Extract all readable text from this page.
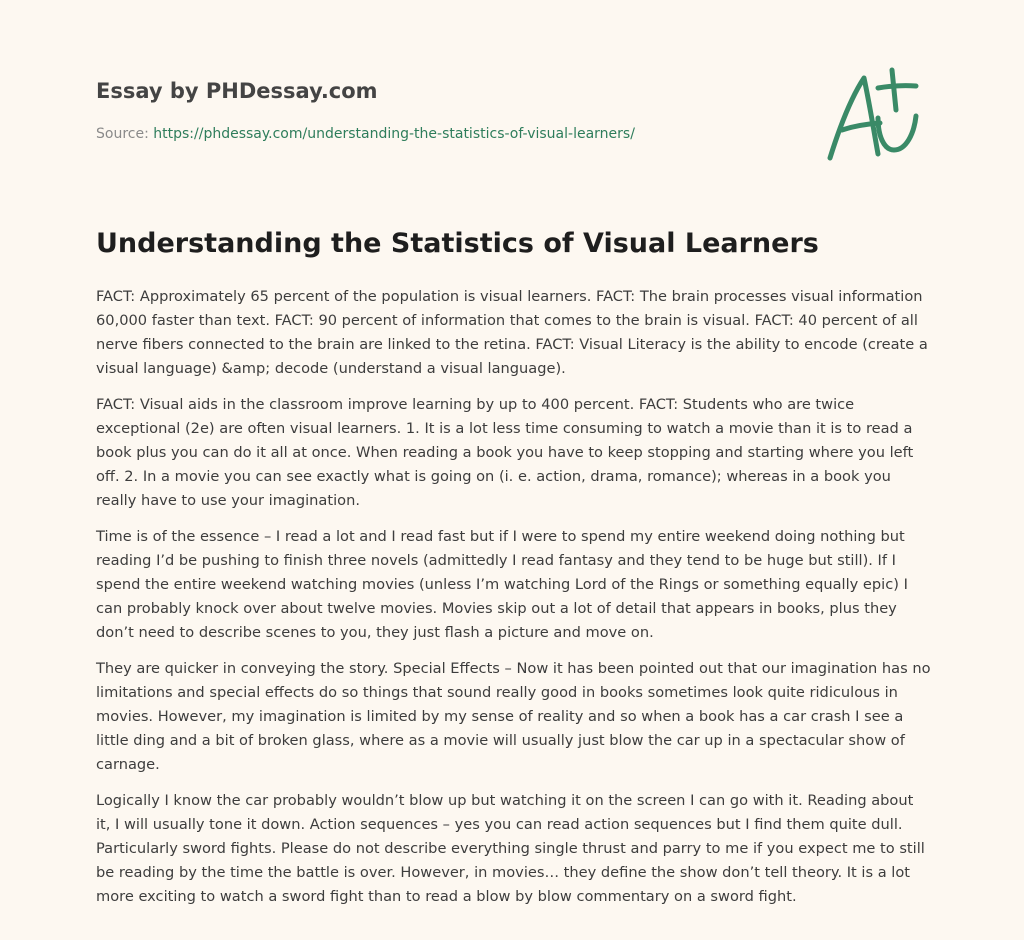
Essay by PHDessay.com
Source: https://phdessay.com/understanding-the-statistics-of-visual-learners/
Understanding the Statistics of Visual Learners

FACT: Approximately 65 percent of the population is visual learners. FACT: The brain processes visual information 60,000 faster than text. FACT: 90 percent of information that comes to the brain is visual. FACT: 40 percent of all nerve fibers connected to the brain are linked to the retina. FACT: Visual Literacy is the ability to encode (create a visual language) &amp; decode (understand a visual language).

FACT: Visual aids in the classroom improve learning by up to 400 percent. FACT: Students who are twice exceptional (2e) are often visual learners. 1. It is a lot less time consuming to watch a movie than it is to read a book plus you can do it all at once. When reading a book you have to keep stopping and starting where you left off. 2. In a movie you can see exactly what is going on (i. e. action, drama, romance); whereas in a book you really have to use your imagination.

Time is of the essence – I read a lot and I read fast but if I were to spend my entire weekend doing nothing but reading I’d be pushing to finish three novels (admittedly I read fantasy and they tend to be huge but still). If I spend the entire weekend watching movies (unless I’m watching Lord of the Rings or something equally epic) I can probably knock over about twelve movies. Movies skip out a lot of detail that appears in books, plus they don’t need to describe scenes to you, they just flash a picture and move on.

They are quicker in conveying the story. Special Effects – Now it has been pointed out that our imagination has no limitations and special effects do so things that sound really good in books sometimes look quite ridiculous in movies. However, my imagination is limited by my sense of reality and so when a book has a car crash I see a little ding and a bit of broken glass, where as a movie will usually just blow the car up in a spectacular show of carnage.

Logically I know the car probably wouldn’t blow up but watching it on the screen I can go with it. Reading about it, I will usually tone it down. Action sequences – yes you can read action sequences but I find them quite dull. Particularly sword fights. Please do not describe everything single thrust and parry to me if you expect me to still be reading by the time the battle is over. However, in movies… they define the show don’t tell theory. It is a lot more exciting to watch a sword fight than to read a blow by blow commentary on a sword fight.
